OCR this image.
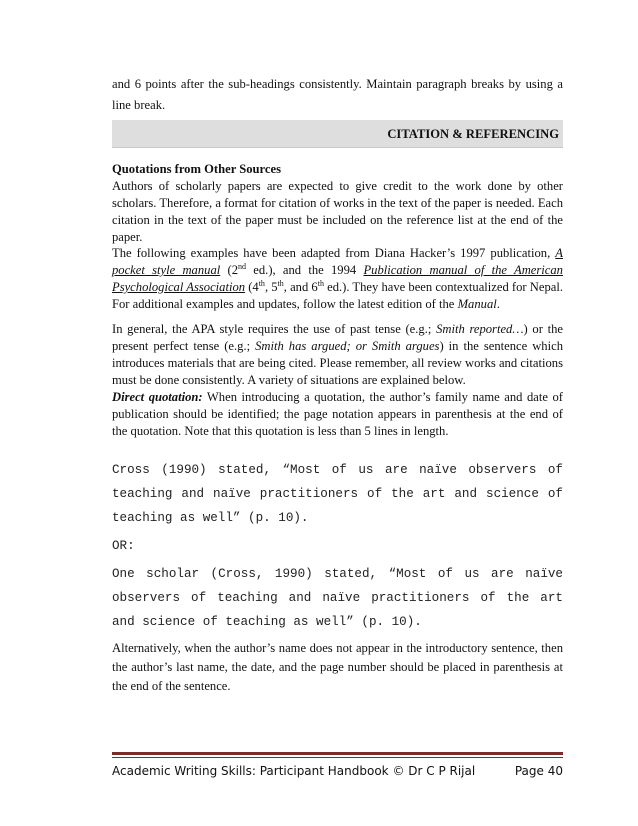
and 6 points after the sub-headings consistently. Maintain paragraph breaks by using a line break.

CITATION & REFERENCING

Quotations from Other Sources

Authors of scholarly papers are expected to give credit to the work done by other scholars. Therefore, a format for citation of works in the text of the paper is needed. Each citation in the text of the paper must be included on the reference list at the end of the paper.

The following examples have been adapted from Diana Hacker’s 1997 publication, A pocket style manual (2nd ed.), and the 1994 Publication manual of the American Psychological Association (4th, 5th, and 6th ed.). They have been contextualized for Nepal. For additional examples and updates, follow the latest edition of the Manual.

In general, the APA style requires the use of past tense (e.g.; Smith reported…) or the present perfect tense (e.g.; Smith has argued; or Smith argues) in the sentence which introduces materials that are being cited. Please remember, all review works and citations must be done consistently. A variety of situations are explained below.

Direct quotation: When introducing a quotation, the author’s family name and date of publication should be identified; the page notation appears in parenthesis at the end of the quotation. Note that this quotation is less than 5 lines in length.

Cross (1990) stated, “Most of us are naïve observers of teaching and naïve practitioners of the art and science of teaching as well” (p. 10).

OR:

One scholar (Cross, 1990) stated, “Most of us are naïve observers of teaching and naïve practitioners of the art and science of teaching as well” (p. 10).

Alternatively, when the author’s name does not appear in the introductory sentence, then the author’s last name, the date, and the page number should be placed in parenthesis at the end of the sentence.

Academic Writing Skills: Participant Handbook © Dr C P Rijal	Page 40
